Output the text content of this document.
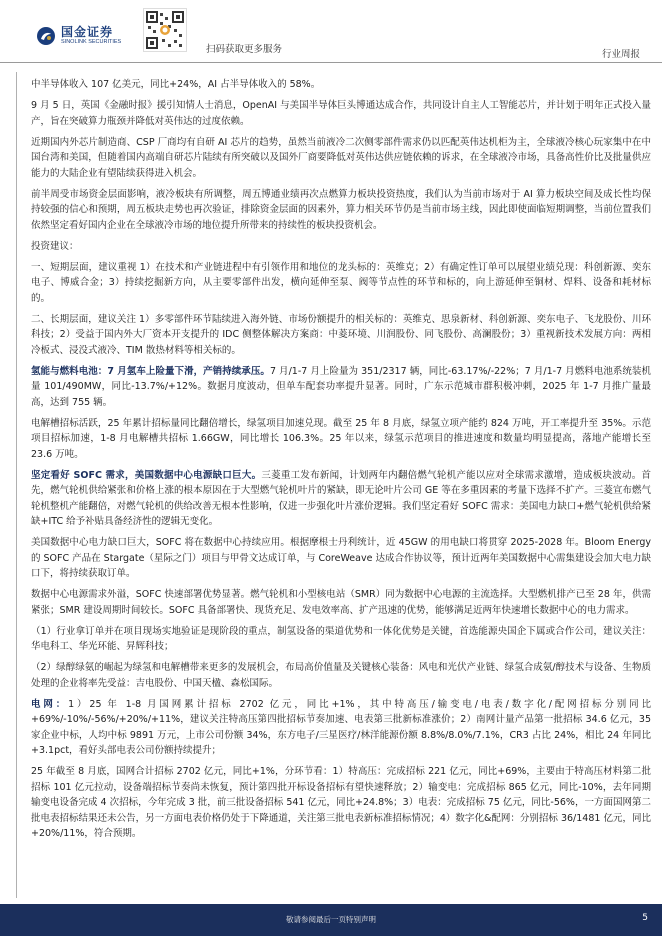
国金证券
SINOLINK SECURITIES
扫码获取更多服务	行业周报

中半导体收入 107 亿美元，同比+24%，AI 占半导体收入的 58%。

9 月 5 日，英国《金融时报》援引知情人士消息，OpenAI 与美国半导体巨头博通达成合作，共同设计自主人工智能芯片，并计划于明年正式投入量产，旨在突破算力瓶颈并降低对英伟达的过度依赖。

近期国内外芯片制造商、CSP 厂商均有自研 AI 芯片的趋势，虽然当前液冷二次侧零部件需求仍以匹配英伟达机柜为主，全球液冷核心玩家集中在中国台湾和美国，但随着国内高端自研芯片陆续有所突破以及国外厂商要降低对英伟达供应链依赖的诉求，在全球液冷市场，具备高性价比及批量供应能力的大陆企业有望陆续获得进入机会。

前半周受市场资金层面影响，液冷板块有所调整，周五博通业绩再次点燃算力板块投资热度，我们认为当前市场对于 AI 算力板块空间及成长性均保持较强的信心和预期，周五板块走势也再次验证，排除资金层面的因素外，算力相关环节仍是当前市场主线，因此即使面临短期调整，当前位置我们依然坚定看好国内企业在全球液冷市场的地位提升所带来的持续性的板块投资机会。

投资建议：

一、短期层面，建议重视 1）在技术和产业链进程中有引领作用和地位的龙头标的：英维克；2）有确定性订单可以展望业绩兑现：科创新源、奕东电子、博威合金；3）持续挖掘新方向，从主要零部件出发，横向延伸至泵、阀等节点性的环节和标的，向上游延伸至铜材、焊料、设备和耗材标的。

二、长期层面，建议关注 1）多零部件环节陆续进入海外链、市场份额提升的相关标的：英维克、思泉新材、科创新源、奕东电子、飞龙股份、川环科技；2）受益于国内外大厂资本开支提升的 IDC 侧整体解决方案商：中菱环境、川润股份、同飞股份、高澜股份；3）重视新技术发展方向：两相冷板式、浸没式液冷、TIM 散热材料等相关标的。

氢能与燃料电池：7 月氢车上险量下滑，产销持续承压。7 月/1-7 月上险量为 351/2317 辆，同比-63.17%/-22%；7 月/1-7 月燃料电池系统装机量 101/490MW，同比-13.7%/+12%。数据月度波动，但单车配套功率提升显著。同时，广东示范城市群积极冲刺，2025 年 1-7 月推广量最高，达到 755 辆。

电解槽招标活跃，25 年累计招标量同比翻倍增长，绿氢项目加速兑现。截至 25 年 8 月底，绿氢立项产能约 824 万吨，开工率提升至 35%。示范项目招标加速，1-8 月电解槽共招标 1.66GW，同比增长 106.3%。25 年以来，绿氢示范项目的推进速度和数量均明显提高，落地产能增长至 23.6 万吨。

坚定看好 SOFC 需求，美国数据中心电源缺口巨大。三菱重工发布新闻，计划两年内翻倍燃气轮机产能以应对全球需求激增，造成板块波动。首先，燃气轮机供给紧张和价格上涨的根本原因在于大型燃气轮机叶片的紧缺，即无论叶片公司 GE 等在多重因素的考量下选择不扩产。三菱宣布燃气轮机整机产能翻倍，对燃气轮机的供给改善无根本性影响，仅进一步强化叶片涨价逻辑。我们坚定看好 SOFC 需求：美国电力缺口+燃气轮机供给紧缺+ITC 给予补贴具备经济性的逻辑无变化。

美国数据中心电力缺口巨大，SOFC 将在数据中心持续应用。根据摩根士丹利统计，近 45GW 的用电缺口将贯穿 2025-2028 年。Bloom Energy 的 SOFC 产品在 Stargate（星际之门）项目与甲骨文达成订单，与 CoreWeave 达成合作协议等，预计近两年美国数据中心需集建设会加大电力缺口下，将持续获取订单。

数据中心电源需求外溢，SOFC 快速部署优势显著。燃气轮机和小型核电站（SMR）同为数据中心电源的主流选择。大型燃机排产已至 28 年，供需紧张；SMR 建设周期时间较长。SOFC 具备部署快、现货充足、发电效率高、扩产迅速的优势，能够满足近两年快速增长数据中心的电力需求。

（1）行业拿订单并在项目现场实地验证是现阶段的重点，制氢设备的渠道优势和一体化优势是关键，首选能源央国企下属或合作公司，建议关注：华电科工、华光环能、昇辉科技；

（2）绿醇绿氨的崛起为绿氢和电解槽带来更多的发展机会，布局高价值量及关键核心装备：风电和光伏产业链、绿氢合成氨/醇技术与设备、生物质处理的企业将率先受益：吉电股份、中国天楹、森松国际。

电网：1）25 年 1-8 月国网累计招标 2702 亿元，同比+1%，其中特高压/输变电/电表/数字化/配网招标分别同比+69%/-10%/-56%/+20%/+11%，建议关注特高压第四批招标节奏加速、电表第三批新标准涨价；2）南网计量产品第一批招标 34.6 亿元，35 家企业中标，人均中标 9891 万元，上市公司份额 34%，东方电子/三星医疗/林洋能源份额 8.8%/8.0%/7.1%，CR3 占比 24%，相比 24 年同比+3.1pct，看好头部电表公司份额持续提升；

25 年截至 8 月底，国网合计招标 2702 亿元，同比+1%，分环节看：1）特高压：完成招标 221 亿元，同比+69%，主要由于特高压材料第二批招标 101 亿元拉动，设备端招标节奏尚未恢复，预计第四批开标设备招标有望快速释放；2）输变电：完成招标 865 亿元，同比-10%，去年同期输变电设备完成 4 次招标，今年完成 3 批，前三批设备招标 541 亿元，同比+24.8%；3）电表：完成招标 75 亿元，同比-56%，一方面国网第二批电表招标结果还未公告，另一方面电表价格仍处于下降通道，关注第三批电表新标准招标情况；4）数字化&配网：分别招标 36/1481 亿元，同比+20%/11%，符合预期。

敬请参阅最后一页特别声明	5
